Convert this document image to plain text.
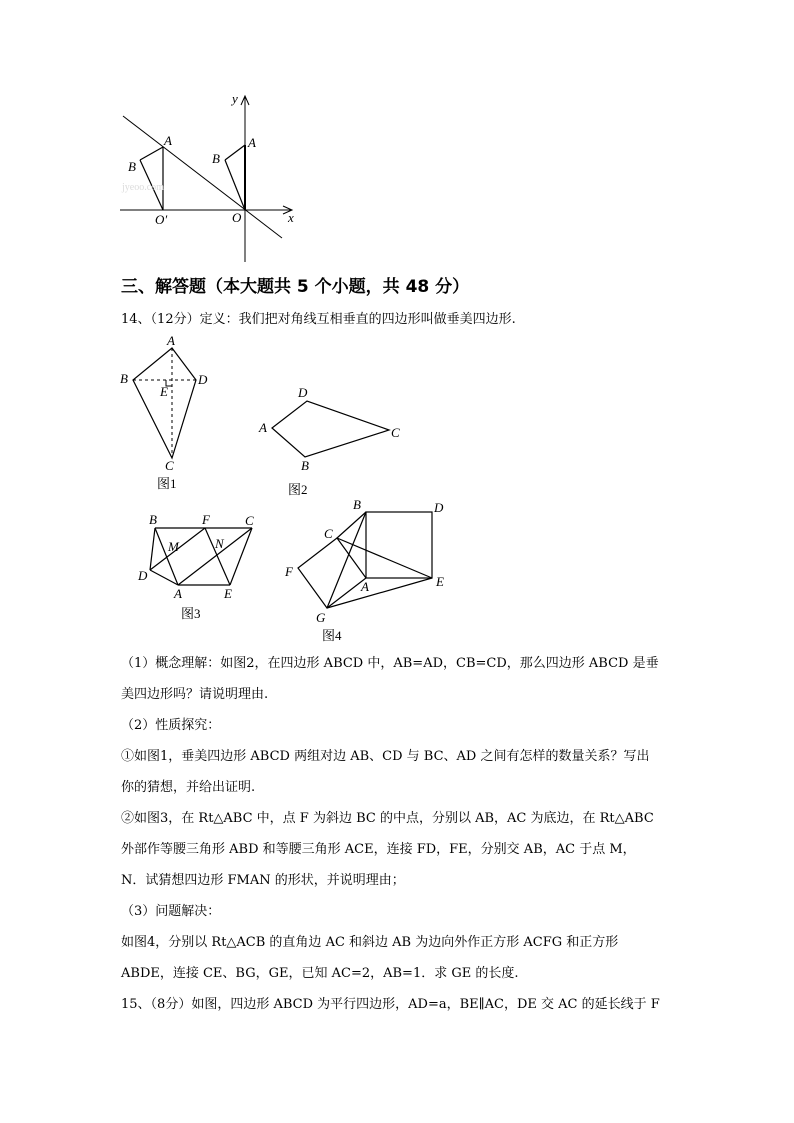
y
x
A
B
O′	O
A
B
jyeoo.com
三、解答题（本大题共 5 个小题，共 48 分）

14、（12分）定义：我们把对角线互相垂直的四边形叫做垂美四边形.

A
B	D
E
C
图1
D
A	C
B
图2
B	F	C
M	N
D
A	E
图3
B	D
C
F
A	E
G
图4

（1）概念理解：如图2，在四边形 ABCD 中，AB=AD，CB=CD，那么四边形 ABCD 是垂

美四边形吗？请说明理由.

（2）性质探究：

①如图1，垂美四边形 ABCD 两组对边 AB、CD 与 BC、AD 之间有怎样的数量关系？写出

你的猜想，并给出证明.

②如图3，在 Rt△ABC 中，点 F 为斜边 BC 的中点，分别以 AB，AC 为底边，在 Rt△ABC

外部作等腰三角形 ABD 和等腰三角形 ACE，连接 FD，FE，分别交 AB，AC 于点 M，

N．试猜想四边形 FMAN 的形状，并说明理由；

（3）问题解决：

如图4，分别以 Rt△ACB 的直角边 AC 和斜边 AB 为边向外作正方形 ACFG 和正方形

ABDE，连接 CE、BG，GE，已知 AC=2，AB=1．求 GE 的长度.

15、（8分）如图，四边形 ABCD 为平行四边形，AD=a，BE∥AC，DE 交 AC 的延长线于 F
